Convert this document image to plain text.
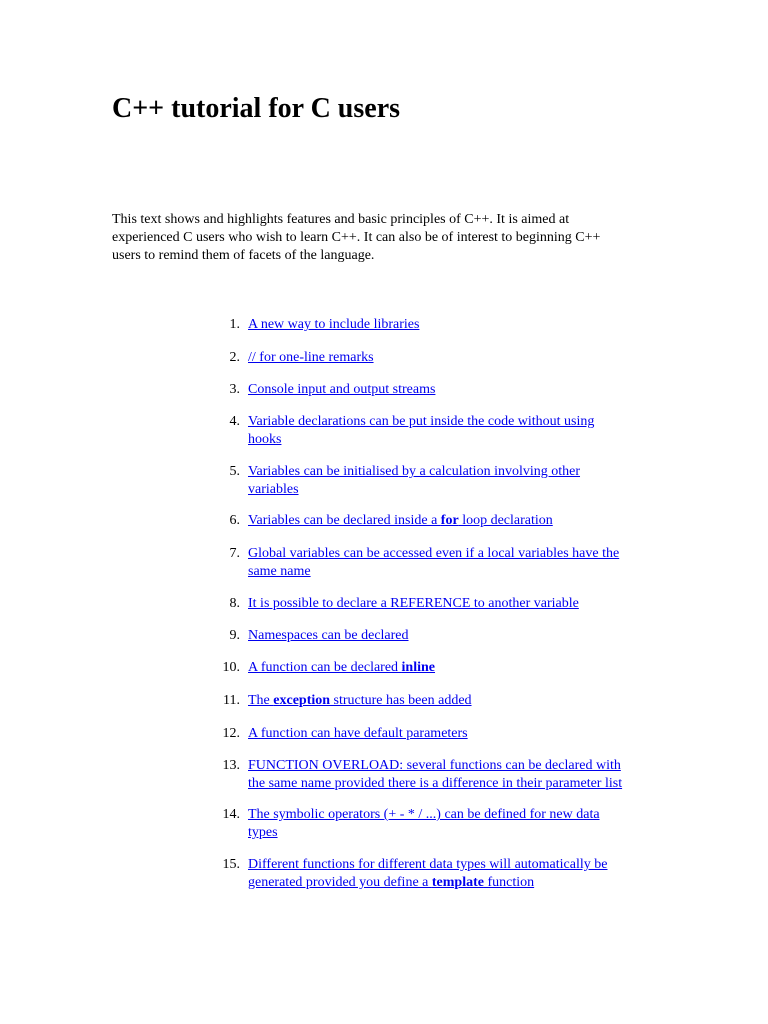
C++ tutorial for C users

This text shows and highlights features and basic principles of C++. It is aimed at
experienced C users who wish to learn C++. It can also be of interest to beginning C++
users to remind them of facets of the language.

1. A new way to include libraries
2. // for one-line remarks
3. Console input and output streams
4. Variable declarations can be put inside the code without using
hooks
5. Variables can be initialised by a calculation involving other
variables
6. Variables can be declared inside a for loop declaration
7. Global variables can be accessed even if a local variables have the
same name
8. It is possible to declare a REFERENCE to another variable
9. Namespaces can be declared
10. A function can be declared inline
11. The exception structure has been added
12. A function can have default parameters
13. FUNCTION OVERLOAD: several functions can be declared with
the same name provided there is a difference in their parameter list
14. The symbolic operators (+ - * / ...) can be defined for new data
types
15. Different functions for different data types will automatically be
generated provided you define a template function
